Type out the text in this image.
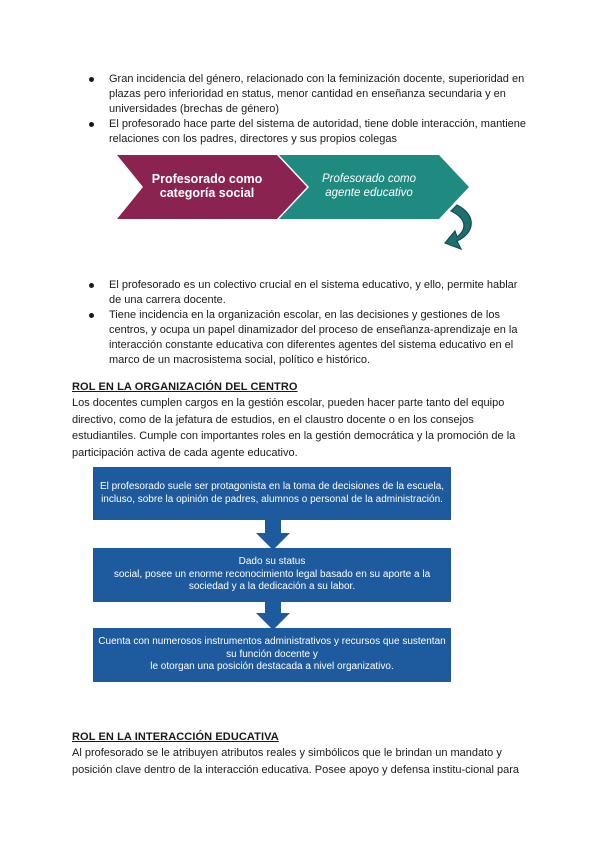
Gran incidencia del género, relacionado con la feminización docente, superioridad en plazas pero inferioridad en status, menor cantidad en enseñanza secundaria y en universidades (brechas de género)
El profesorado hace parte del sistema de autoridad, tiene doble interacción, mantiene relaciones con los padres, directores y sus propios colegas
Profesorado como categoría social
Profesorado como agente educativo
El profesorado es un colectivo crucial en el sistema educativo, y ello, permite hablar de una carrera docente.
Tiene incidencia en la organización escolar, en las decisiones y gestiones de los centros, y ocupa un papel dinamizador del proceso de enseñanza-aprendizaje en la interacción constante educativa con diferentes agentes del sistema educativo en el marco de un macrosistema social, político e histórico.

ROL EN LA ORGANIZACIÓN DEL CENTRO

Los docentes cumplen cargos en la gestión escolar, pueden hacer parte tanto del equipo directivo, como de la jefatura de estudios, en el claustro docente o en los consejos estudiantiles. Cumple con importantes roles en la gestión democrática y la promoción de la participación activa de cada agente educativo.

El profesorado suele ser protagonista en la toma de decisiones de la escuela, incluso, sobre la opinión de padres, alumnos o personal de la administración.
Dado su status
social, posee un enorme reconocimiento legal basado en su aporte a la sociedad y a la dedicación a su labor.
Cuenta con numerosos instrumentos administrativos y recursos que sustentan su función docente y
le otorgan una posición destacada a nivel organizativo.

ROL EN LA INTERACCIÓN EDUCATIVA

Al profesorado se le atribuyen atributos reales y simbólicos que le brindan un mandato y posición clave dentro de la interacción educativa. Posee apoyo y defensa institu-cional para
